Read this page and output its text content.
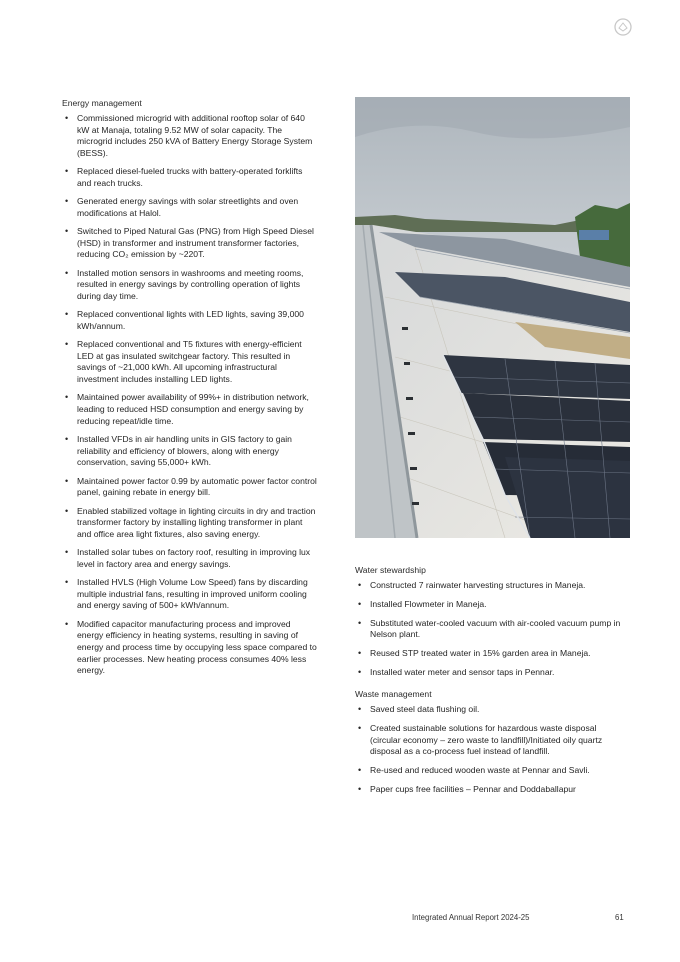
Energy management
• Commissioned microgrid with additional rooftop solar of 640 kW at Manaja, totaling 9.52 MW of solar capacity. The microgrid includes 250 kVA of Battery Energy Storage System (BESS).
• Replaced diesel-fueled trucks with battery-operated forklifts and reach trucks.
• Generated energy savings with solar streetlights and oven modifications at Halol.
• Switched to Piped Natural Gas (PNG) from High Speed Diesel (HSD) in transformer and instrument transformer factories, reducing CO₂ emission by ~220T.
• Installed motion sensors in washrooms and meeting rooms, resulted in energy savings by controlling operation of lights during day time.
• Replaced conventional lights with LED lights, saving 39,000 kWh/annum.
• Replaced conventional and T5 fixtures with energy-efficient LED at gas insulated switchgear factory. This resulted in savings of ~21,000 kWh. All upcoming infrastructural investment includes installing LED lights.
• Maintained power availability of 99%+ in distribution network, leading to reduced HSD consumption and energy saving by reducing repeat/idle time.
• Installed VFDs in air handling units in GIS factory to gain reliability and efficiency of blowers, along with energy conservation, saving 55,000+ kWh.
• Maintained power factor 0.99 by automatic power factor control panel, gaining rebate in energy bill.
• Enabled stabilized voltage in lighting circuits in dry and traction transformer factory by installing lighting transformer in plant and office area light fixtures, also saving energy.
• Installed solar tubes on factory roof, resulting in improving lux level in factory area and energy savings.
• Installed HVLS (High Volume Low Speed) fans by discarding multiple industrial fans, resulting in improved uniform cooling and energy saving of 500+ kWh/annum.
• Modified capacitor manufacturing process and improved energy efficiency in heating systems, resulting in saving of energy and process time by occupying less space compared to earlier processes. New heating process consumes 40% less energy.
Water stewardship
• Constructed 7 rainwater harvesting structures in Maneja.
• Installed Flowmeter in Maneja.
• Substituted water-cooled vacuum with air-cooled vacuum pump in Nelson plant.
• Reused STP treated water in 15% garden area in Maneja.
• Installed water meter and sensor taps in Pennar.
Waste management
• Saved steel data flushing oil.
• Created sustainable solutions for hazardous waste disposal (circular economy – zero waste to landfill)/Initiated oily quartz disposal as a co-process fuel instead of landfill.
• Re-used and reduced wooden waste at Pennar and Savli.
• Paper cups free facilities – Pennar and Doddaballapur
Integrated Annual Report 2024-25	61
